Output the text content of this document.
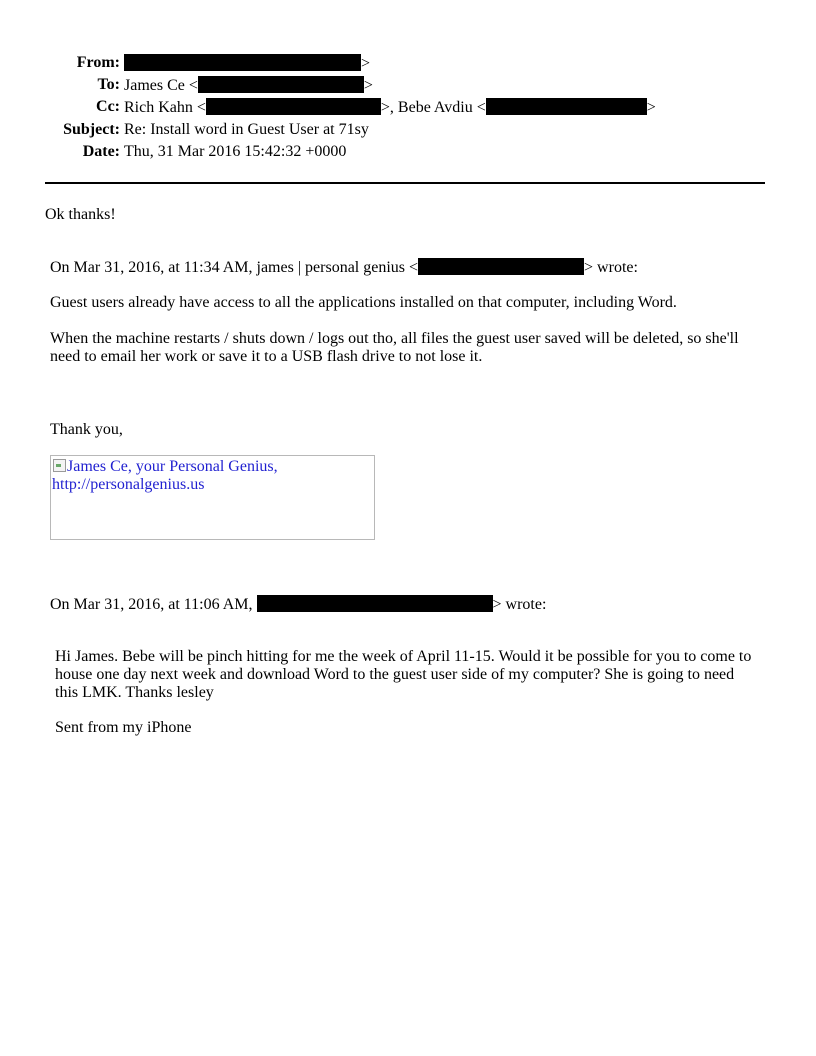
From:	>
To: James Ce <	>
Cc: Rich Kahn <	>, Bebe Avdiu <	>
Subject: Re: Install word in Guest User at 71sy
Date: Thu, 31 Mar 2016 15:42:32 +0000
Ok thanks!
On Mar 31, 2016, at 11:34 AM, james | personal genius <	> wrote:
Guest users already have access to all the applications installed on that computer, including Word.
When the machine restarts / shuts down / logs out tho, all files the guest user saved will be deleted, so she'll need to email her work or save it to a USB flash drive to not lose it.
Thank you,
James Ce, your Personal Genius, http://personalgenius.us
On Mar 31, 2016, at 11:06 AM,	> wrote:
Hi James. Bebe will be pinch hitting for me the week of April 11-15. Would it be possible for you to come to house one day next week and download Word to the guest user side of my computer? She is going to need this LMK. Thanks lesley
Sent from my iPhone
